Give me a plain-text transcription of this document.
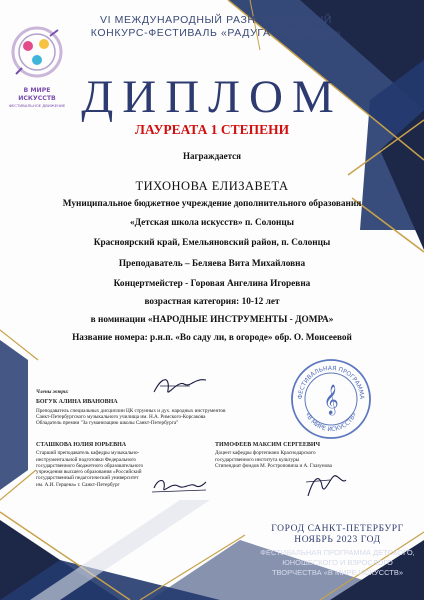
В МИРЕ ИСКУССТВ
ФЕСТИВАЛЬНОЕ ДВИЖЕНИЕ
VI МЕЖДУНАРОДНЫЙ РАЗНОЖАНРОВЫЙ
КОНКУРС-ФЕСТИВАЛЬ «РАДУГА ТАЛАНТОВ»
ДИПЛОМ
ЛАУРЕАТА 1 СТЕПЕНИ
Награждается
ТИХОНОВА ЕЛИЗАВЕТА
Муниципальное бюджетное учреждение дополнительного образования
«Детская школа искусств» п. Солонцы
Красноярский край, Емельяновский район, п. Солонцы
Преподаватель – Беляева Вита Михайловна
Концертмейстер - Горовая Ангелина Игоревна
возрастная категория: 10-12 лет
в номинации «НАРОДНЫЕ ИНСТРУМЕНТЫ - ДОМРА»
Название номера: р.н.п. «Во саду ли, в огороде» обр. О. Моисеевой
Члены жюри:
БОГУК АЛИНА ИВАНОВНА
Преподаватель специальных дисциплин ЦК струнных и дух. народных инструментов
Санкт-Петербургского музыкального училища им. Н.А. Римского-Корсакова
Обладатель премии "За гуманизацию школы Санкт-Петербурга"
СТАШКОВА ЮЛИЯ ЮРЬЕВНА
Старший преподаватель кафедры музыкально-
инструментальной подготовки Федерального
государственного бюджетного образовательного
учреждения высшего образования «Российский
государственный педагогический университет
им. А.И. Герцена» г. Санкт-Петербург
ТИМОФЕЕВ МАКСИМ СЕРГЕЕВИЧ
Доцент кафедры фортепиано Краснодарского
государственного института культуры
Стипендиат фондов М. Ростроповича и А. Глазунова
ФЕСТИВАЛЬНАЯ ПРОГРАММА
«В МИРЕ ИСКУССТВ»
𝄞
ГОРОД САНКТ-ПЕТЕРБУРГ
НОЯБРЬ 2023 ГОД
ФЕСТИВАЛЬНАЯ ПРОГРАММА ДЕТСКОГО,
ЮНОШЕСКОГО И ВЗРОСЛОГО
ТВОРЧЕСТВА «В МИРЕ ИСКУССТВ»
